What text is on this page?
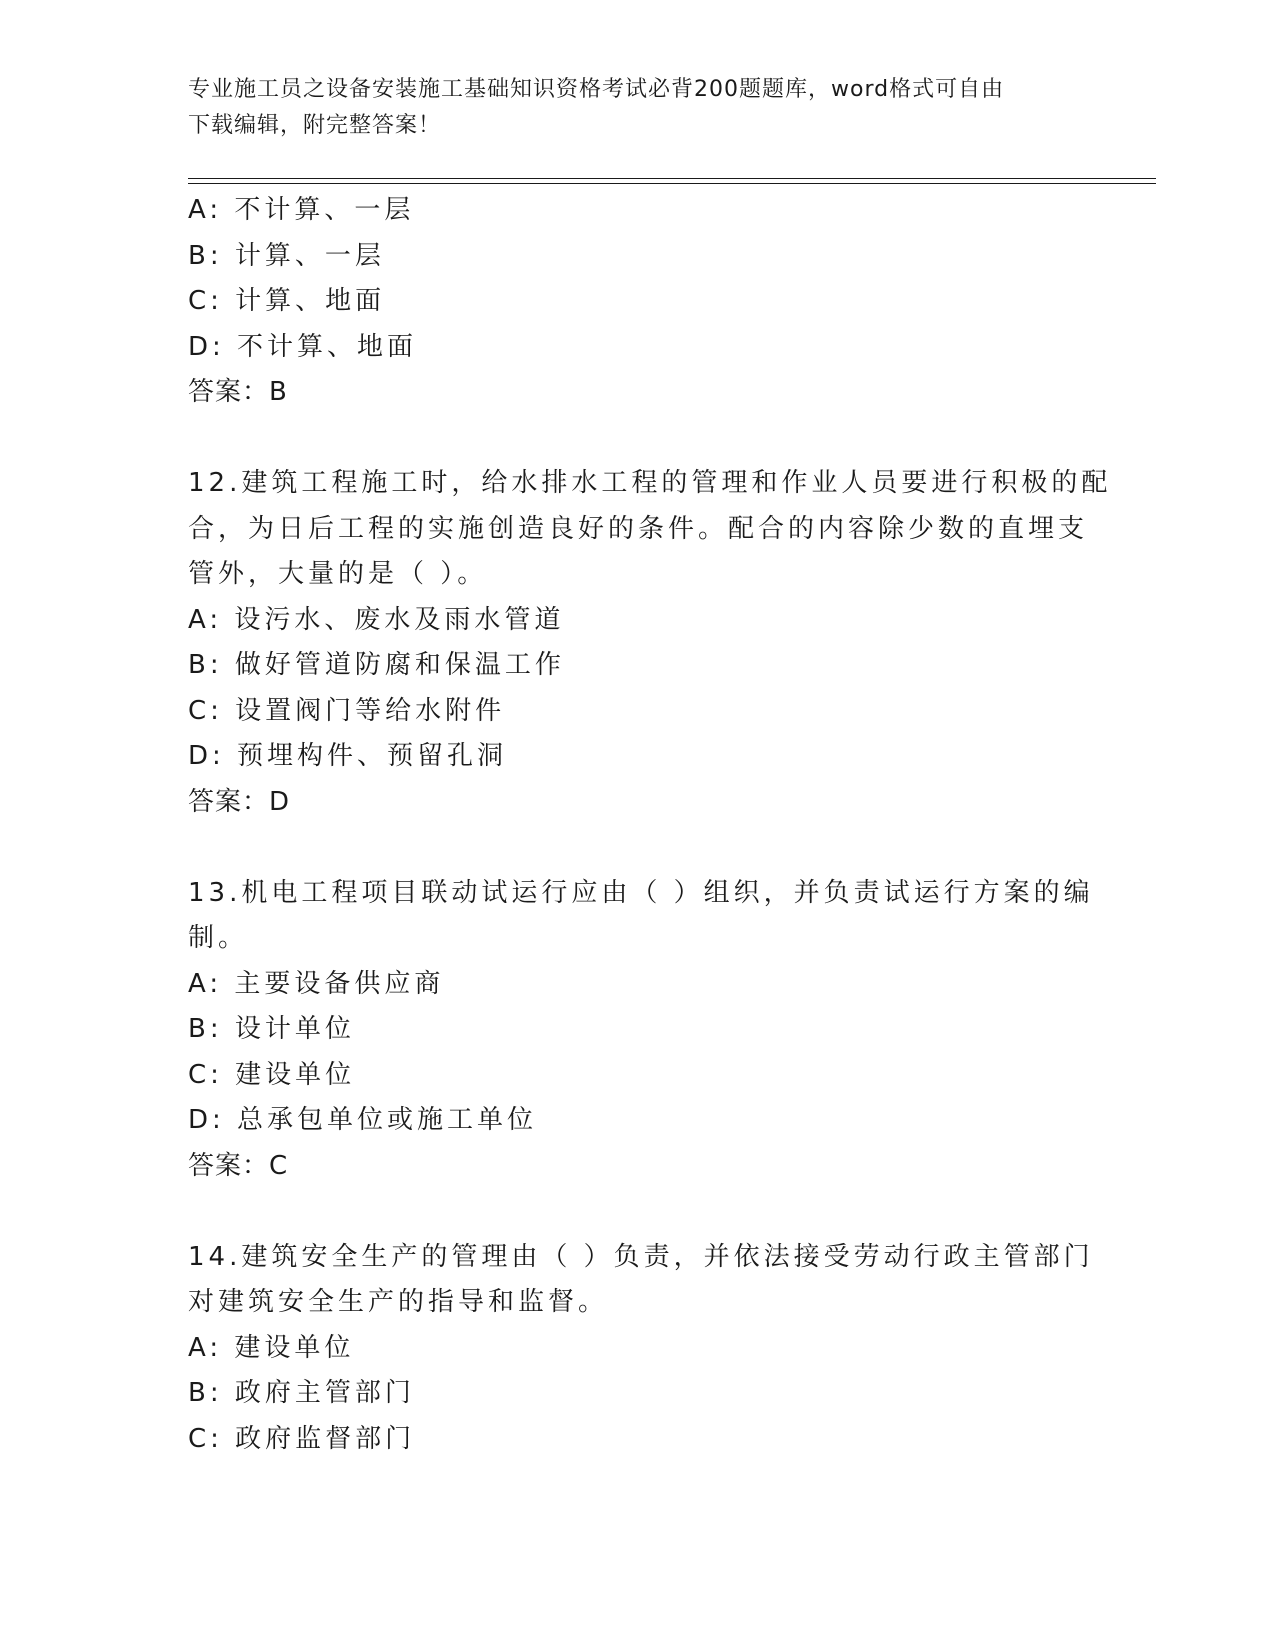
专业施工员之设备安装施工基础知识资格考试必背200题题库，word格式可自由
下载编辑，附完整答案！
A: 不计算、一层
B: 计算、一层
C: 计算、地面
D: 不计算、地面
答案：B
12.建筑工程施工时，给水排水工程的管理和作业人员要进行积极的配
合，为日后工程的实施创造良好的条件。配合的内容除少数的直埋支
管外，大量的是（ ）。
A: 设污水、废水及雨水管道
B: 做好管道防腐和保温工作
C: 设置阀门等给水附件
D: 预埋构件、预留孔洞
答案：D
13.机电工程项目联动试运行应由（ ）组织，并负责试运行方案的编
制。
A: 主要设备供应商
B: 设计单位
C: 建设单位
D: 总承包单位或施工单位
答案：C
14.建筑安全生产的管理由（ ）负责，并依法接受劳动行政主管部门
对建筑安全生产的指导和监督。
A: 建设单位
B: 政府主管部门
C: 政府监督部门
